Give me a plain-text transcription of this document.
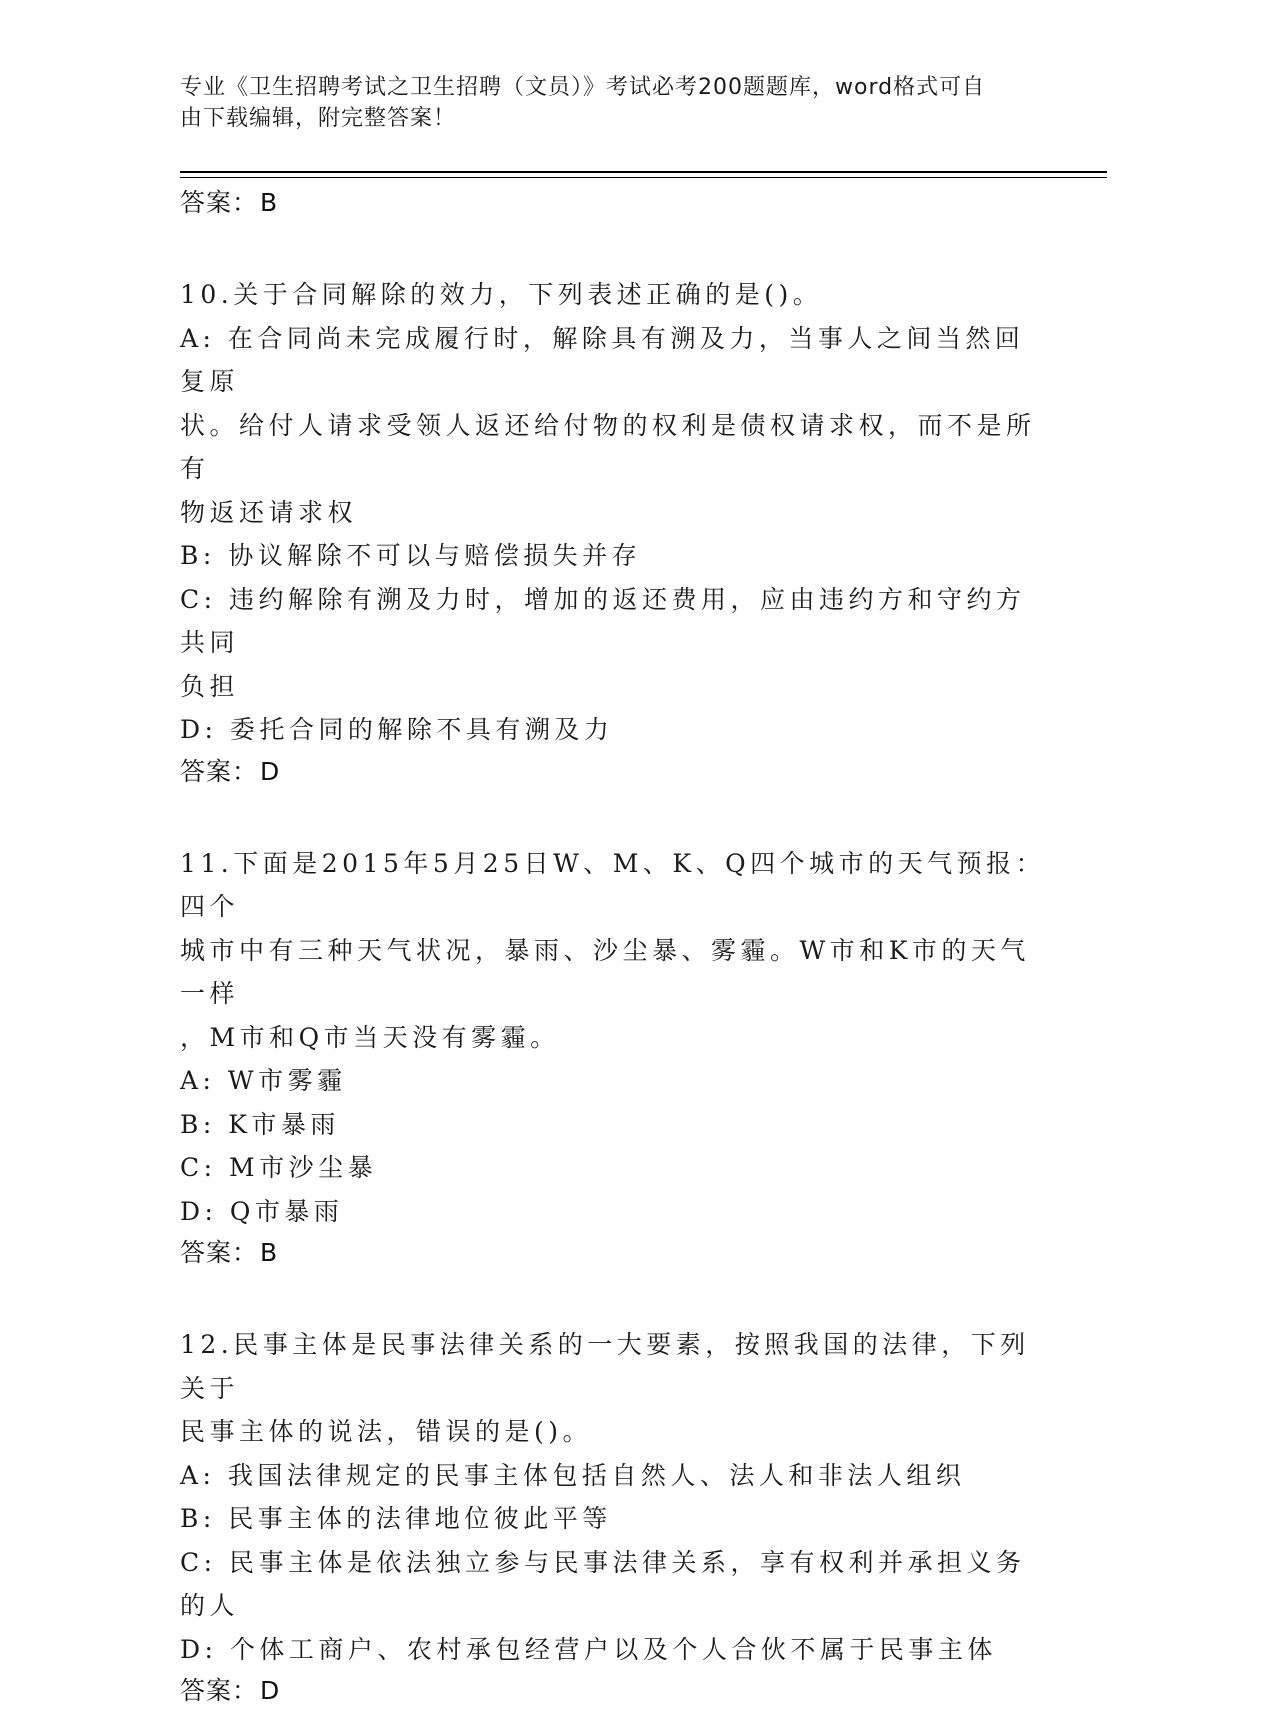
专业《卫生招聘考试之卫生招聘（文员）》考试必考200题题库，word格式可自
由下载编辑，附完整答案！
答案：B
10.关于合同解除的效力，下列表述正确的是()。
A: 在合同尚未完成履行时，解除具有溯及力，当事人之间当然回复原
状。给付人请求受领人返还给付物的权利是债权请求权，而不是所有
物返还请求权
B: 协议解除不可以与赔偿损失并存
C: 违约解除有溯及力时，增加的返还费用，应由违约方和守约方共同
负担
D: 委托合同的解除不具有溯及力
答案：D
11.下面是2015年5月25日W、M、K、Q四个城市的天气预报：四个
城市中有三种天气状况，暴雨、沙尘暴、雾霾。W市和K市的天气一样
，M市和Q市当天没有雾霾。
A: W市雾霾
B: K市暴雨
C: M市沙尘暴
D: Q市暴雨
答案：B
12.民事主体是民事法律关系的一大要素，按照我国的法律，下列关于
民事主体的说法，错误的是()。
A: 我国法律规定的民事主体包括自然人、法人和非法人组织
B: 民事主体的法律地位彼此平等
C: 民事主体是依法独立参与民事法律关系，享有权利并承担义务的人
D: 个体工商户、农村承包经营户以及个人合伙不属于民事主体
答案：D
